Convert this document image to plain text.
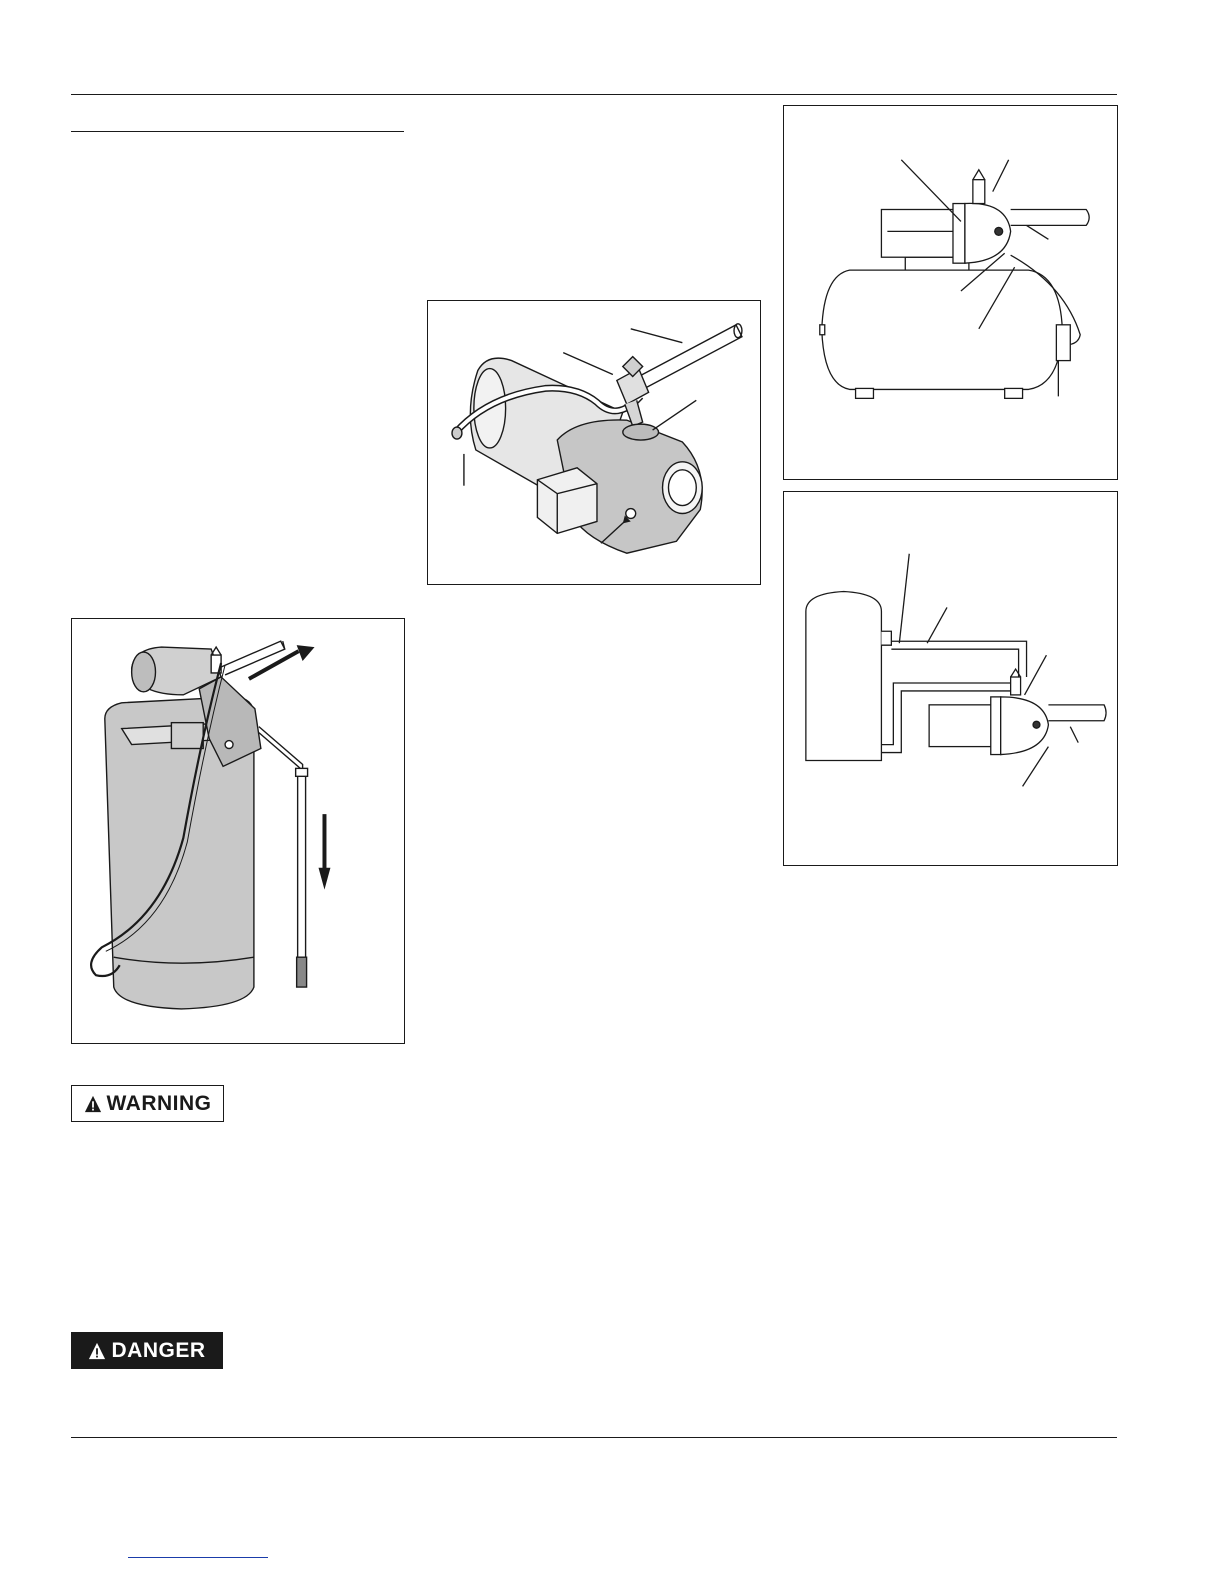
WARNING
DANGER
